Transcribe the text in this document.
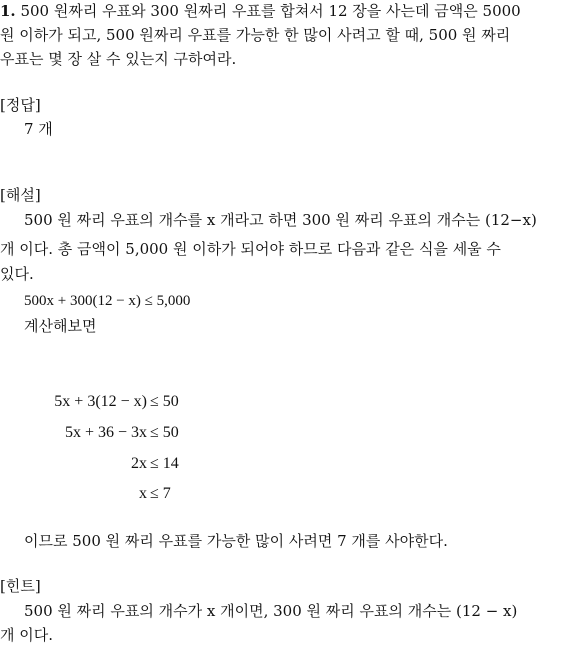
1. 500 원짜리 우표와 300 원짜리 우표를 합쳐서 12 장을 사는데 금액은 5000
원 이하가 되고, 500 원짜리 우표를 가능한 한 많이 사려고 할 때, 500 원 짜리
우표는 몇 장 살 수 있는지 구하여라.
[정답]
7 개
[해설]
500 원 짜리 우표의 개수를 x 개라고 하면 300 원 짜리 우표의 개수는 (12−x)
개 이다. 총 금액이 5,000 원 이하가 되어야 하므로 다음과 같은 식을 세울 수
있다.
500x + 300(12 − x) ≤ 5,000
계산해보면
5x + 3(12 − x) ≤ 50
5x + 36 − 3x ≤ 50
2x ≤ 14
x ≤ 7
이므로 500 원 짜리 우표를 가능한 많이 사려면 7 개를 사야한다.
[힌트]
500 원 짜리 우표의 개수가 x 개이면, 300 원 짜리 우표의 개수는 (12 − x)
개 이다.
